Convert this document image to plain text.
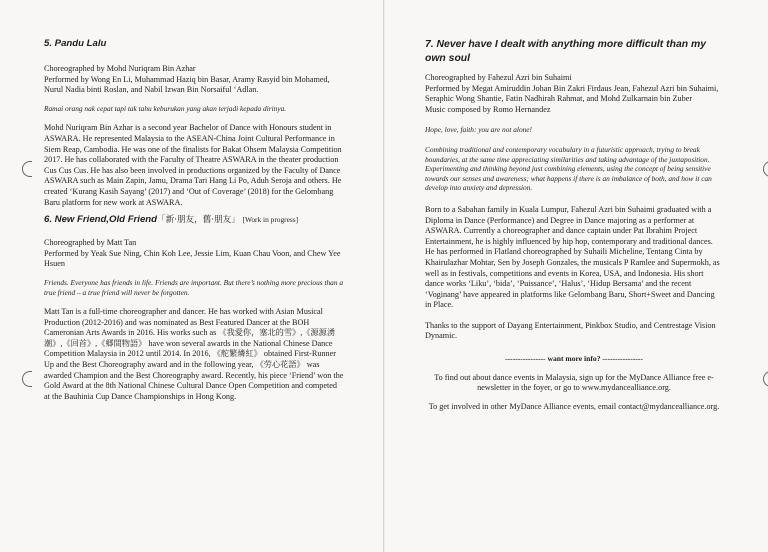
5. Pandu Lalu

Choreographed by Mohd Nuriqram Bin Azhar

Performed by Wong En Li, Muhammad Haziq bin Basar, Aramy Rasyid bin Mohamed, Nurul Nadia binti Roslan, and Nabil Izwan Bin Norsaiful ‘Adlan.

Ramai orang nak cepat tapi tak tahu keburukan yang akan terjadi kepada dirinya.

Mohd Nuriqram Bin Azhar is a second year Bachelor of Dance with Honours student in ASWARA. He represented Malaysia to the ASEAN-China Joint Cultural Performance in Siem Reap, Cambodia. He was one of the finalists for Bakat Ohsem Malaysia Competition 2017. He has collaborated with the Faculty of Theatre ASWARA in the theater production Cus Cus Cus. He has also been involved in productions organized by the Faculty of Dance ASWARA such as Main Zapin, Jamu, Drama Tari Hang Li Po, Aduh Seroja and others. He created ‘Kurang Kasih Sayang’ (2017) and ‘Out of Coverage’ (2018) for the Gelombang Baru platform for new work at ASWARA.

6. New Friend,Old Friend「新·朋友，舊·朋友」 [Work in progress]

Choreographed by Matt Tan

Performed by Yeak Sue Ning, Chin Koh Lee, Jessie Lim, Kuan Chau Voon, and Chew Yee Hsuen

Friends. Everyone has friends in life. Friends are important. But there’s nothing more precious than a true friend – a true friend will never be forgotten.

Matt Tan is a full-time choreographer and dancer. He has worked with Asian Musical Production (2012-2016) and was nominated as Best Featured Dancer at the BOH Cameronian Arts Awards in 2016. His works such as 《我愛你，塞北的雪》,《源源湧潮》,《回首》,《郷間物語》 have won several awards in the National Chinese Dance Competition Malaysia in 2012 until 2014. In 2016, 《舵繁燐紅》 obtained First-Runner Up and the Best Choreography award and in the following year, 《劳心花語》 was awarded Champion and the Best Choreography award. Recently, his piece ‘Friend’ won the Gold Award at the 8th National Chinese Cultural Dance Open Competition and competed at the Bauhinia Cup Dance Championships in Hong Kong.

7. Never have I dealt with anything more difficult than my own soul

Choreographed by Fahezul Azri bin Suhaimi

Performed by Megat Amiruddin Johan Bin Zakri Firdaus Jean, Fahezul Azri bin Suhaimi, Seraphic Wong Shantie, Fatin Nadhirah Rahmat, and Mohd Zulkarnain bin Zuber

Music composed by Romo Hernandez

Hope, love, faith: you are not alone!

Combining traditional and contemporary vocabulary in a futuristic approach, trying to break boundaries, at the same time appreciating similarities and taking advantage of the juxtaposition. Experimenting and thinking beyond just combining elements, using the concept of being sensitive towards our senses and awareness; what happens if there is an imbalance of both, and how it can develop into anxiety and depression.

Born to a Sabahan family in Kuala Lumpur, Fahezul Azri bin Suhaimi graduated with a Diploma in Dance (Performance) and Degree in Dance majoring as a performer at ASWARA. Currently a choreographer and dance captain under Pat Ibrahim Project Entertainment, he is highly influenced by hip hop, contemporary and traditional dances. He has performed in Flatland choreographed by Suhaili Micheline, Tentang Cinta by Khairulazhar Mohtar, Sen by Joseph Gonzales, the musicals P Ramlee and Supermokh, as well as in festivals, competitions and events in Korea, USA, and Indonesia. His short dance works ‘Liku’, ‘bida’, ‘Puissance’, ‘Halus’, ‘Hidup Bersama’ and the recent ‘Voginang’ have appeared in platforms like Gelombang Baru, Short+Sweet and Dancing in Place.

Thanks to the support of Dayang Entertainment, Pinkbox Studio, and Centrestage Vision Dynamic.

---------------- want more info? ----------------

To find out about dance events in Malaysia, sign up for the MyDance Alliance free e-newsletter in the foyer, or go to www.mydancealliance.org.

To get involved in other MyDance Alliance events, email contact@mydancealliance.org.
